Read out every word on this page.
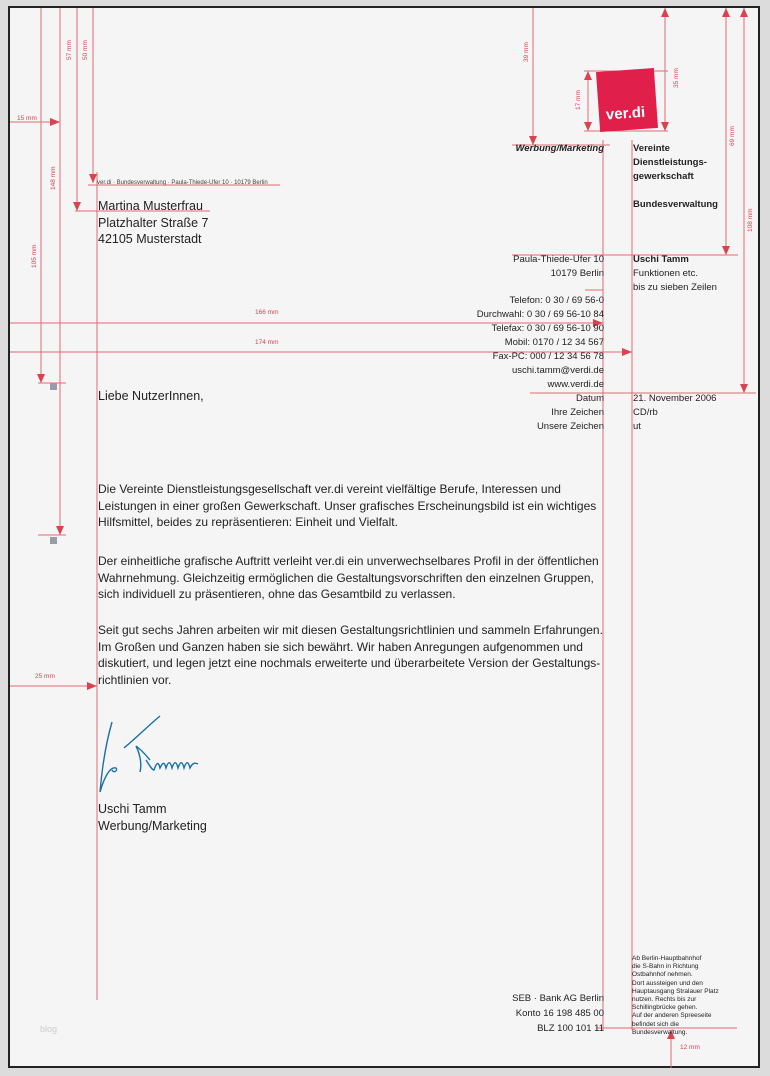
15 mm
57 mm 50 mm
148 mm
105 mm
166 mm
174 mm
25 mm
39 mm
17 mm
35 mm
69 mm
108 mm
12 mm
ver.di
ver.di · Bundesverwaltung · Paula-Thiede-Ufer 10 · 10179 Berlin
Martina Musterfrau
Platzhalter Straße 7
42105 Musterstadt
Werbung/Marketing	Vereinte
Dienstleistungs-
gewerkschaft
Bundesverwaltung
Paula-Thiede-Ufer 10
10179 Berlin
Uschi Tamm
Funktionen etc.
bis zu sieben Zeilen
Telefon: 0 30 / 69 56-0
Durchwahl: 0 30 / 69 56-10 84
Telefax: 0 30 / 69 56-10 90
Mobil: 0170 / 12 34 567
Fax-PC: 000 / 12 34 56 78
uschi.tamm@verdi.de
www.verdi.de
Datum
Ihre Zeichen
Unsere Zeichen
21. November 2006
CD/rb
ut
Liebe NutzerInnen,
Die Vereinte Dienstleistungsgesellschaft ver.di vereint vielfältige Berufe, Interessen und
Leistungen in einer großen Gewerkschaft. Unser grafisches Erscheinungsbild ist ein wichtiges
Hilfsmittel, beides zu repräsentieren: Einheit und Vielfalt.
Der einheitliche grafische Auftritt verleiht ver.di ein unverwechselbares Profil in der öffentlichen
Wahrnehmung. Gleichzeitig ermöglichen die Gestaltungsvorschriften den einzelnen Gruppen,
sich individuell zu präsentieren, ohne das Gesamtbild zu verlassen.
Seit gut sechs Jahren arbeiten wir mit diesen Gestaltungsrichtlinien und sammeln Erfahrungen.
Im Großen und Ganzen haben sie sich bewährt. Wir haben Anregungen aufgenommen und
diskutiert, und legen jetzt eine nochmals erweiterte und überarbeitete Version der Gestaltungs-
richtlinien vor.
Uschi Tamm
Werbung/Marketing
SEB · Bank AG Berlin
Konto 16 198 485 00
BLZ 100 101 11
Ab Berlin-Hauptbahnhof
die S-Bahn in Richtung
Ostbahnhof nehmen.
Dort aussteigen und den
Hauptausgang Stralauer Platz
nutzen. Rechts bis zur
Schillingbrücke gehen.
Auf der anderen Spreeseite
befindet sich die
Bundesverwaltung.
blog
